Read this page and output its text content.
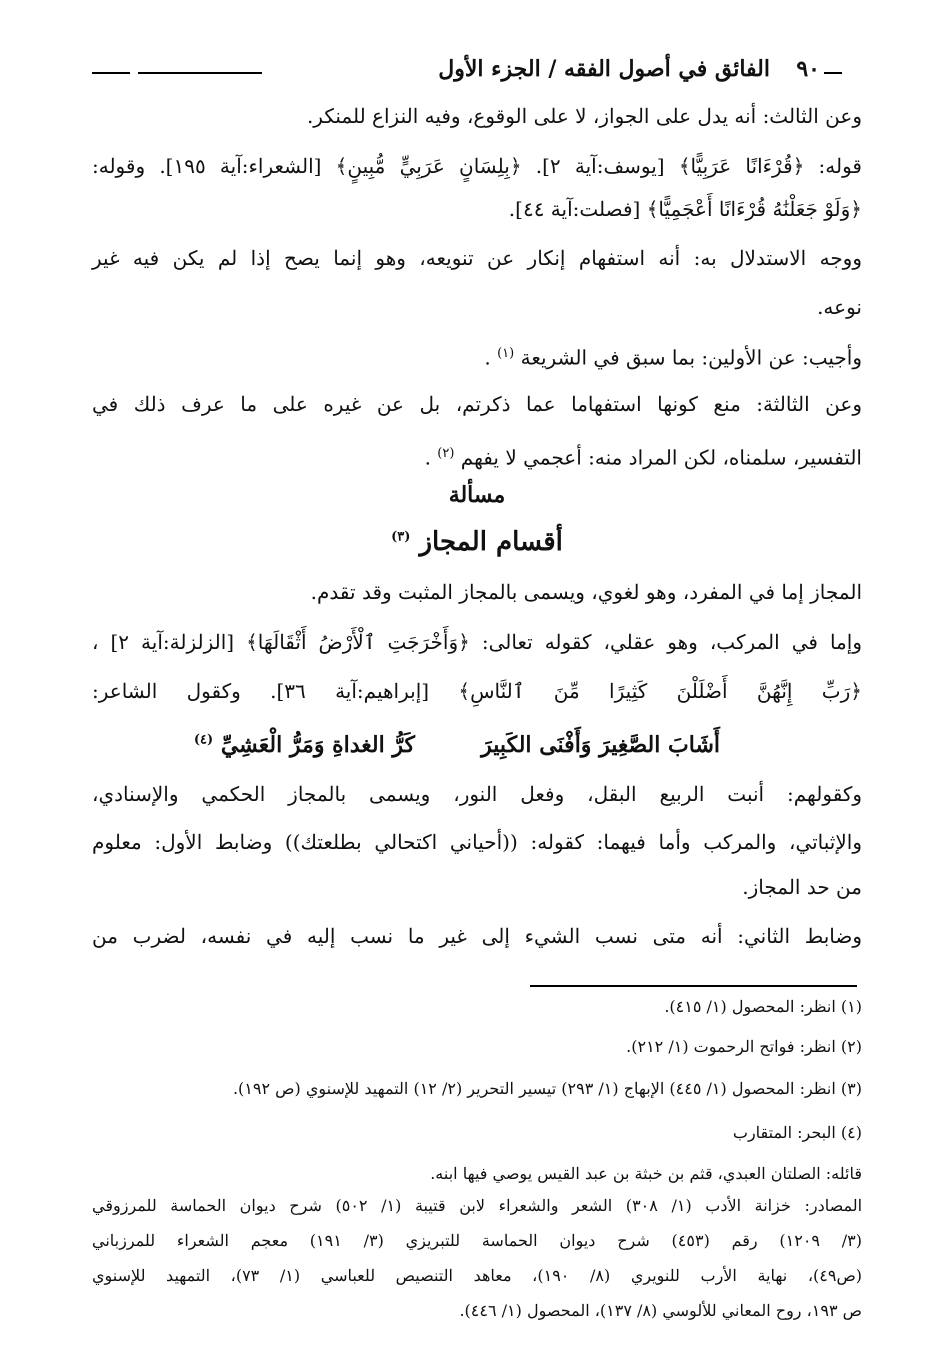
٩٠
الفائق في أصول الفقه / الجزء الأول
وعن الثالث: أنه يدل على الجواز، لا على الوقوع، وفيه النزاع للمنكر.
قوله: ﴿قُرْءَانًا عَرَبِيًّا﴾ [يوسف:آية ٢]. ﴿بِلِسَانٍ عَرَبِيٍّ مُّبِينٍ﴾ [الشعراء:آية ١٩٥]. وقوله:
﴿وَلَوْ جَعَلْنَٰهُ قُرْءَانًا أَعْجَمِيًّا﴾ [فصلت:آية ٤٤].
ووجه الاستدلال به: أنه استفهام إنكار عن تنويعه، وهو إنما يصح إذا لم يكن فيه غير
نوعه.
وأجيب: عن الأولين: بما سبق في الشريعة $^{(١)}$ .
وعن الثالثة: منع كونها استفهاما عما ذكرتم، بل عن غيره على ما عرف ذلك في
التفسير، سلمناه، لكن المراد منه: أعجمي لا يفهم $^{(٢)}$ .
مسألة
أقسام المجاز $^{(٣)}$
المجاز إما في المفرد، وهو لغوي، ويسمى بالمجاز المثبت وقد تقدم.
وإما في المركب، وهو عقلي، كقوله تعالى: ﴿وَأَخْرَجَتِ ٱلْأَرْضُ أَثْقَالَهَا﴾ [الزلزلة:آية ٢] ،
﴿رَبِّ إِنَّهُنَّ أَضْلَلْنَ كَثِيرًا مِّنَ ٱلنَّاسِ﴾ [إبراهيم:آية ٣٦]. وكقول الشاعر:
أَشَابَ الصَّغِيرَ وَأَفْنَى الكَبِيرَ
كَرُّ الغداةِ وَمَرُّ الْعَشِيِّ $^{(٤)}$
وكقولهم: أنبت الربيع البقل، وفعل النور، ويسمى بالمجاز الحكمي والإسنادي،
والإثباتي، والمركب وأما فيهما: كقوله: ((أحياني اكتحالي بطلعتك)) وضابط الأول: معلوم
من حد المجاز.
وضابط الثاني: أنه متى نسب الشيء إلى غير ما نسب إليه في نفسه، لضرب من
(١) انظر: المحصول (١/ ٤١٥).
(٢) انظر: فواتح الرحموت (١/ ٢١٢).
(٣) انظر: المحصول (١/ ٤٤٥) الإبهاج (١/ ٢٩٣) تيسير التحرير (٢/ ١٢) التمهيد للإسنوي (ص ١٩٢).
(٤) البحر: المتقارب
قائله: الصلتان العبدي، قثم بن خبثة بن عبد القيس يوصي فيها ابنه.
المصادر: خزانة الأدب (١/ ٣٠٨) الشعر والشعراء لابن قتيبة (١/ ٥٠٢) شرح ديوان الحماسة للمرزوقي
(٣/ ١٢٠٩) رقم (٤٥٣) شرح ديوان الحماسة للتبريزي (٣/ ١٩١) معجم الشعراء للمرزباني
(ص٤٩)، نهاية الأرب للنويري (٨/ ١٩٠)، معاهد التنصيص للعباسي (١/ ٧٣)، التمهيد للإسنوي
ص ١٩٣، روح المعاني للألوسي (٨/ ١٣٧)، المحصول (١/ ٤٤٦).
